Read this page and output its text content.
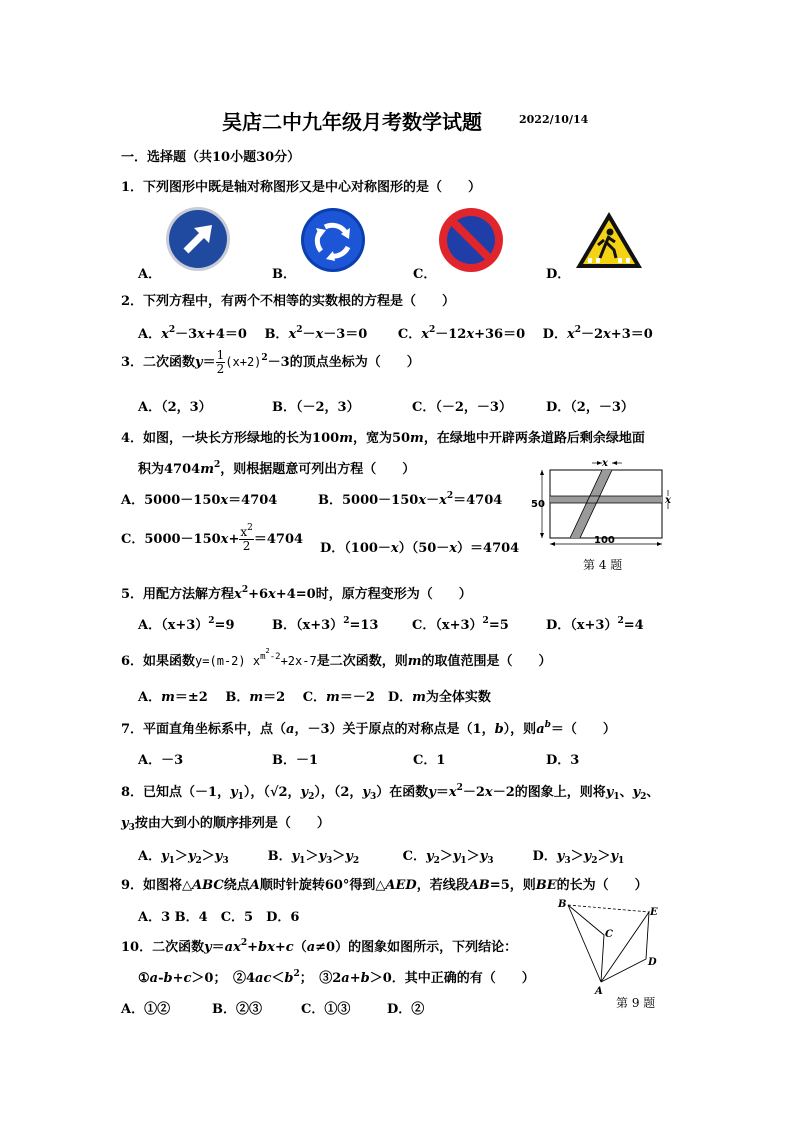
吴店二中九年级月考数学试题	2022/10/14
一．选择题（共10小题30分）
1．下列图形中既是轴对称图形又是中心对称图形的是（　　）
A．	B．	C．	D．
2．下列方程中，有两个不相等的实数根的方程是（　　）
A．$x^2-3x+4=0$　 B．$x^2-x-3=0$　　 C．$x^2-12x+36=0$　 D．$x^2-2x+3=0$
3．二次函数$y= \frac{1}{2} (x+2)^2-3$的顶点坐标为（　　）
A．（2，3）	B．（－2，3）	C．（－2，－3）	D．（2，－3）
4．如图，一块长方形绿地的长为100m，宽为50m，在绿地中开辟两条道路后剩余绿地面
积为$4704m^2$，则根据题意可列出方程（　　）
A．5000－150x＝4704	B．$5000-150x-x^2=4704$
C．$5000-150x+ \frac{x^2}{2} =4704$
D．（100－x）（50－x）＝4704
x
x
50
100
第 4 题
5．用配方法解方程$x^2+6x+4=0$时，原方程变形为（　　）
A．$(x+3)^2=9$	B．$(x+3)^2=13$	C．$(x+3)^2=5$	D．$(x+3)^2=4$
6．如果函数y=(m-2) $x^{m^2-2}+2x-7$是二次函数，则m的取值范围是（　　）
A．m＝±2　 B．m＝2　 C．m＝－2　 D．m为全体实数
7．平面直角坐标系中，点（a，－3）关于原点的对称点是（1，b），则$a^b=$（　　）
A．－3	B．－1	C．1	D．3
8．已知点（－1，$y_1$），（√2，$y_2$），（2，$y_3$）在函数$y=x^2-2x-2$的图象上，则将$y_1$、$y_2$、
$y_3$按由大到小的顺序排列是（　　）
A．$y_1>y_2>y_3$　　　B．$y_1>y_3>y_2$　　　 C．$y_2>y_1>y_3$　　　D．$y_3>y_2>y_1$
9．如图将△ABC绕点A顺时针旋转60°得到△AED，若线段AB=5，则BE的长为（　　）
A．3 B．4　C．5　D．6
B
E
C
D
A
第 9 题
10．二次函数$y=ax^2+bx+c(a\ne 0)$的图象如图所示，下列结论：
①a-b+c＞0；　$②4ac<b^2$；　③2a+b＞0．其中正确的有（　　）
A．①②	B．②③	C．①③	D．②
